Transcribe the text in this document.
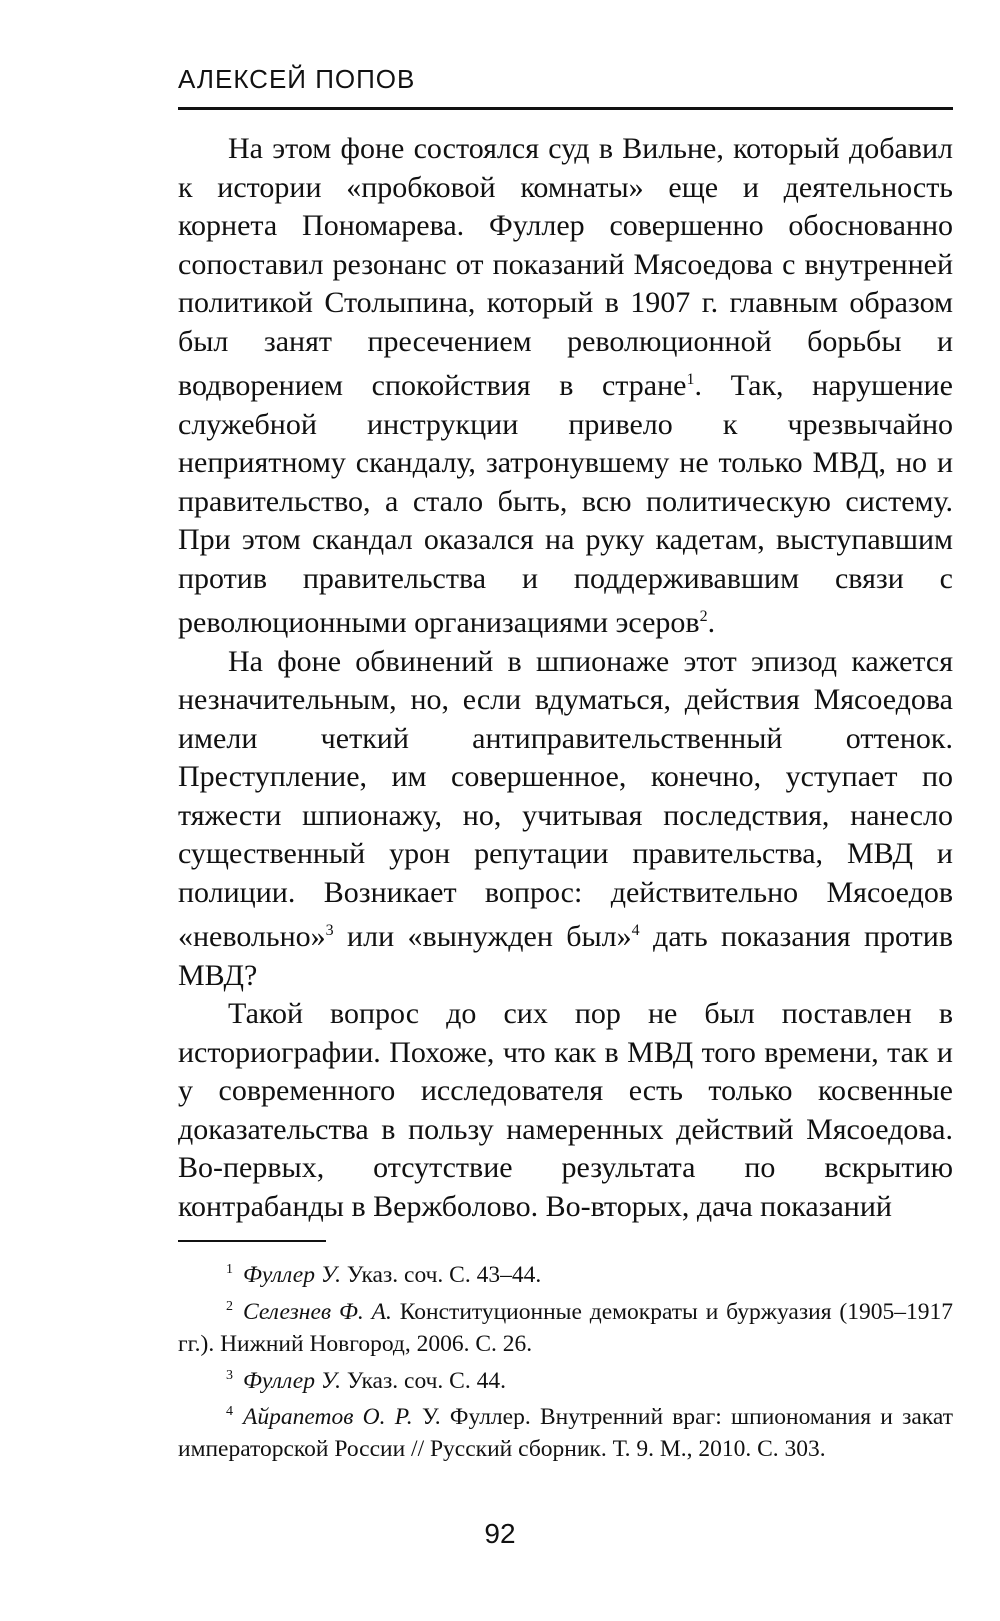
АЛЕКСЕЙ ПОПОВ

На этом фоне состоялся суд в Вильне, который добавил к истории «пробковой комнаты» еще и деятельность корнета Пономарева. Фуллер совершенно обоснованно сопоставил резонанс от показаний Мясоедова с внутренней политикой Столыпина, который в 1907 г. главным образом был занят пресечением революционной борьбы и водворением спокойствия в стране$^1$. Так, нарушение служебной инструкции привело к чрезвычайно неприятному скандалу, затронувшему не только МВД, но и правительство, а стало быть, всю политическую систему. При этом скандал оказался на руку кадетам, выступавшим против правительства и поддерживавшим связи с революционными организациями эсеров$^2$.

На фоне обвинений в шпионаже этот эпизод кажется незначительным, но, если вдуматься, действия Мясоедова имели четкий антиправительственный оттенок. Преступление, им совершенное, конечно, уступает по тяжести шпионажу, но, учитывая последствия, нанесло существенный урон репутации правительства, МВД и полиции. Возникает вопрос: действительно Мясоедов «невольно»$^3$ или «вынужден был»$^4$ дать показания против МВД?

Такой вопрос до сих пор не был поставлен в историографии. Похоже, что как в МВД того времени, так и у современного исследователя есть только косвенные доказательства в пользу намеренных действий Мясоедова. Во-первых, отсутствие результата по вскрытию контрабанды в Вержболово. Во-вторых, дача показаний

$^1$ Фуллер У. Указ. соч. С. 43–44.

$^2$ Селезнев Ф. А. Конституционные демократы и буржуазия (1905–1917 гг.). Нижний Новгород, 2006. С. 26.

$^3$ Фуллер У. Указ. соч. С. 44.

$^4$ Айрапетов О. Р. У. Фуллер. Внутренний враг: шпиономания и закат императорской России // Русский сборник. Т. 9. М., 2010. С. 303.

92
